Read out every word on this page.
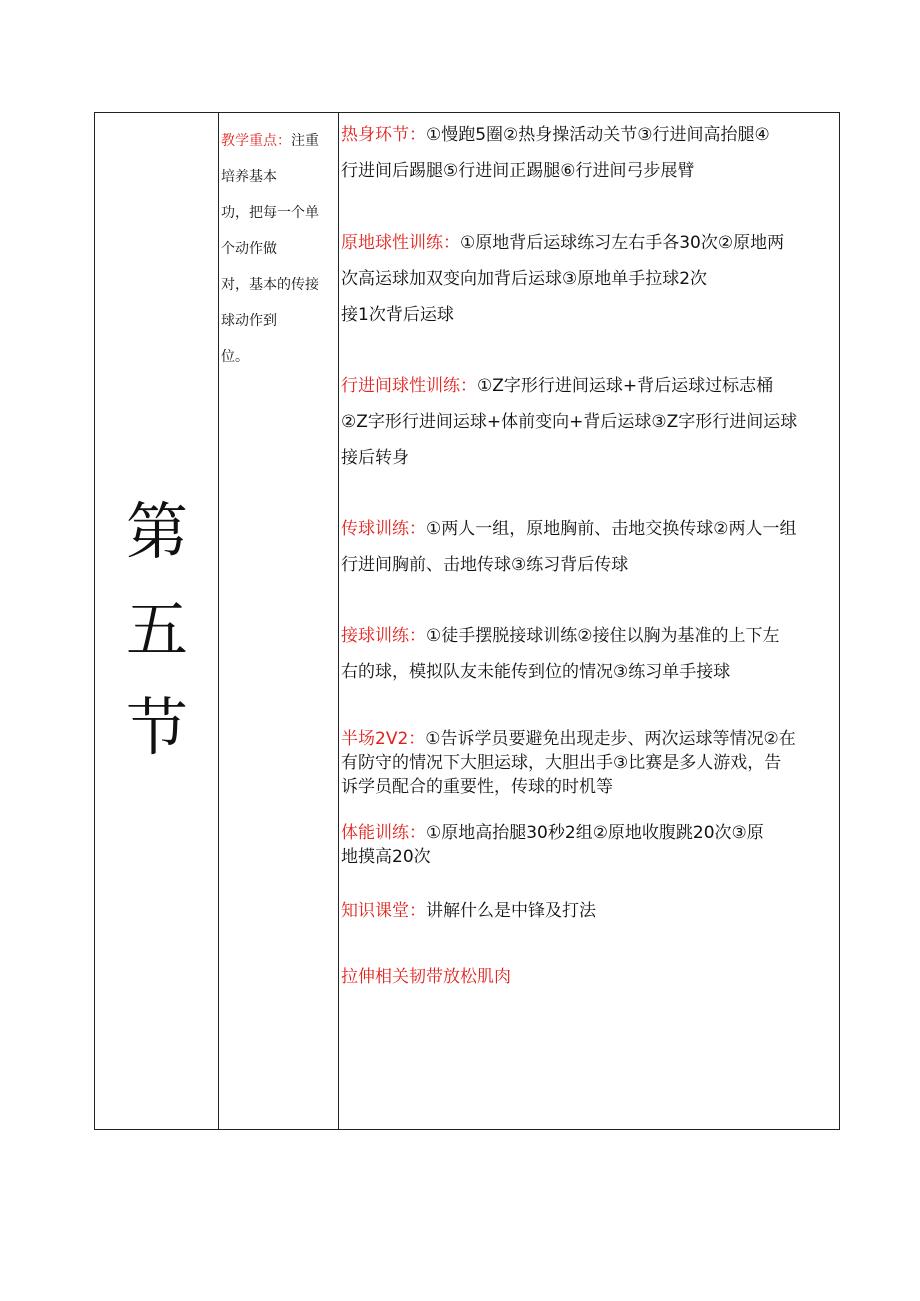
第
五
节
教学重点：注重
培养基本
功，把每一个单
个动作做
对，基本的传接
球动作到
位。
热身环节：①慢跑5圈②热身操活动关节③行进间高抬腿④
行进间后踢腿⑤行进间正踢腿⑥行进间弓步展臂
原地球性训练：①原地背后运球练习左右手各30次②原地两
次高运球加双变向加背后运球③原地单手拉球2次
接1次背后运球
行进间球性训练：①Z字形行进间运球+背后运球过标志桶
②Z字形行进间运球+体前变向+背后运球③Z字形行进间运球
接后转身
传球训练：①两人一组，原地胸前、击地交换传球②两人一组
行进间胸前、击地传球③练习背后传球
接球训练：①徒手摆脱接球训练②接住以胸为基准的上下左
右的球，模拟队友未能传到位的情况③练习单手接球
半场2V2：①告诉学员要避免出现走步、两次运球等情况②在
有防守的情况下大胆运球，大胆出手③比赛是多人游戏，告
诉学员配合的重要性，传球的时机等
体能训练：①原地高抬腿30秒2组②原地收腹跳20次③原
地摸高20次
知识课堂：讲解什么是中锋及打法
拉伸相关韧带放松肌肉
